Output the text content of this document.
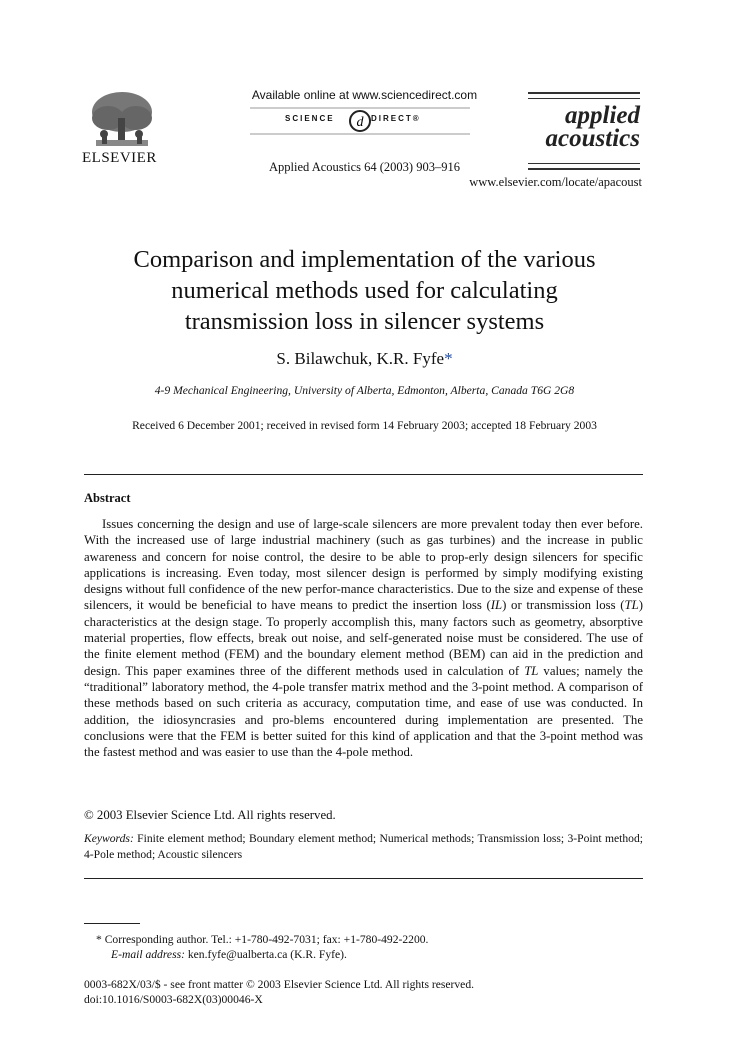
ELSEVIER
Available online at www.sciencedirect.com
d
SCIENCE	DIRECT®
Applied Acoustics 64 (2003) 903–916
www.elsevier.com/locate/apacoust
applied
acoustics
Comparison and implementation of the various
numerical methods used for calculating
transmission loss in silencer systems
S. Bilawchuk, K.R. Fyfe*
4-9 Mechanical Engineering, University of Alberta, Edmonton, Alberta, Canada T6G 2G8
Received 6 December 2001; received in revised form 14 February 2003; accepted 18 February 2003
Abstract
Issues concerning the design and use of large-scale silencers are more prevalent today then ever before. With the increased use of large industrial machinery (such as gas turbines) and the increase in public awareness and concern for noise control, the desire to be able to prop-erly design silencers for specific applications is increasing. Even today, most silencer design is performed by simply modifying existing designs without full confidence of the new perfor-mance characteristics. Due to the size and expense of these silencers, it would be beneficial to have means to predict the insertion loss (IL) or transmission loss (TL) characteristics at the design stage. To properly accomplish this, many factors such as geometry, absorptive material properties, flow effects, break out noise, and self-generated noise must be considered. The use of the finite element method (FEM) and the boundary element method (BEM) can aid in the prediction and design. This paper examines three of the different methods used in calculation of TL values; namely the “traditional” laboratory method, the 4-pole transfer matrix method and the 3-point method. A comparison of these methods based on such criteria as accuracy, computation time, and ease of use was conducted. In addition, the idiosyncrasies and pro-blems encountered during implementation are presented. The conclusions were that the FEM is better suited for this kind of application and that the 3-point method was the fastest method and was easier to use than the 4-pole method.
© 2003 Elsevier Science Ltd. All rights reserved.
Keywords: Finite element method; Boundary element method; Numerical methods; Transmission loss; 3-Point method; 4-Pole method; Acoustic silencers
* Corresponding author. Tel.: +1-780-492-7031; fax: +1-780-492-2200.
E-mail address: ken.fyfe@ualberta.ca (K.R. Fyfe).
0003-682X/03/$ - see front matter © 2003 Elsevier Science Ltd. All rights reserved.
doi:10.1016/S0003-682X(03)00046-X
